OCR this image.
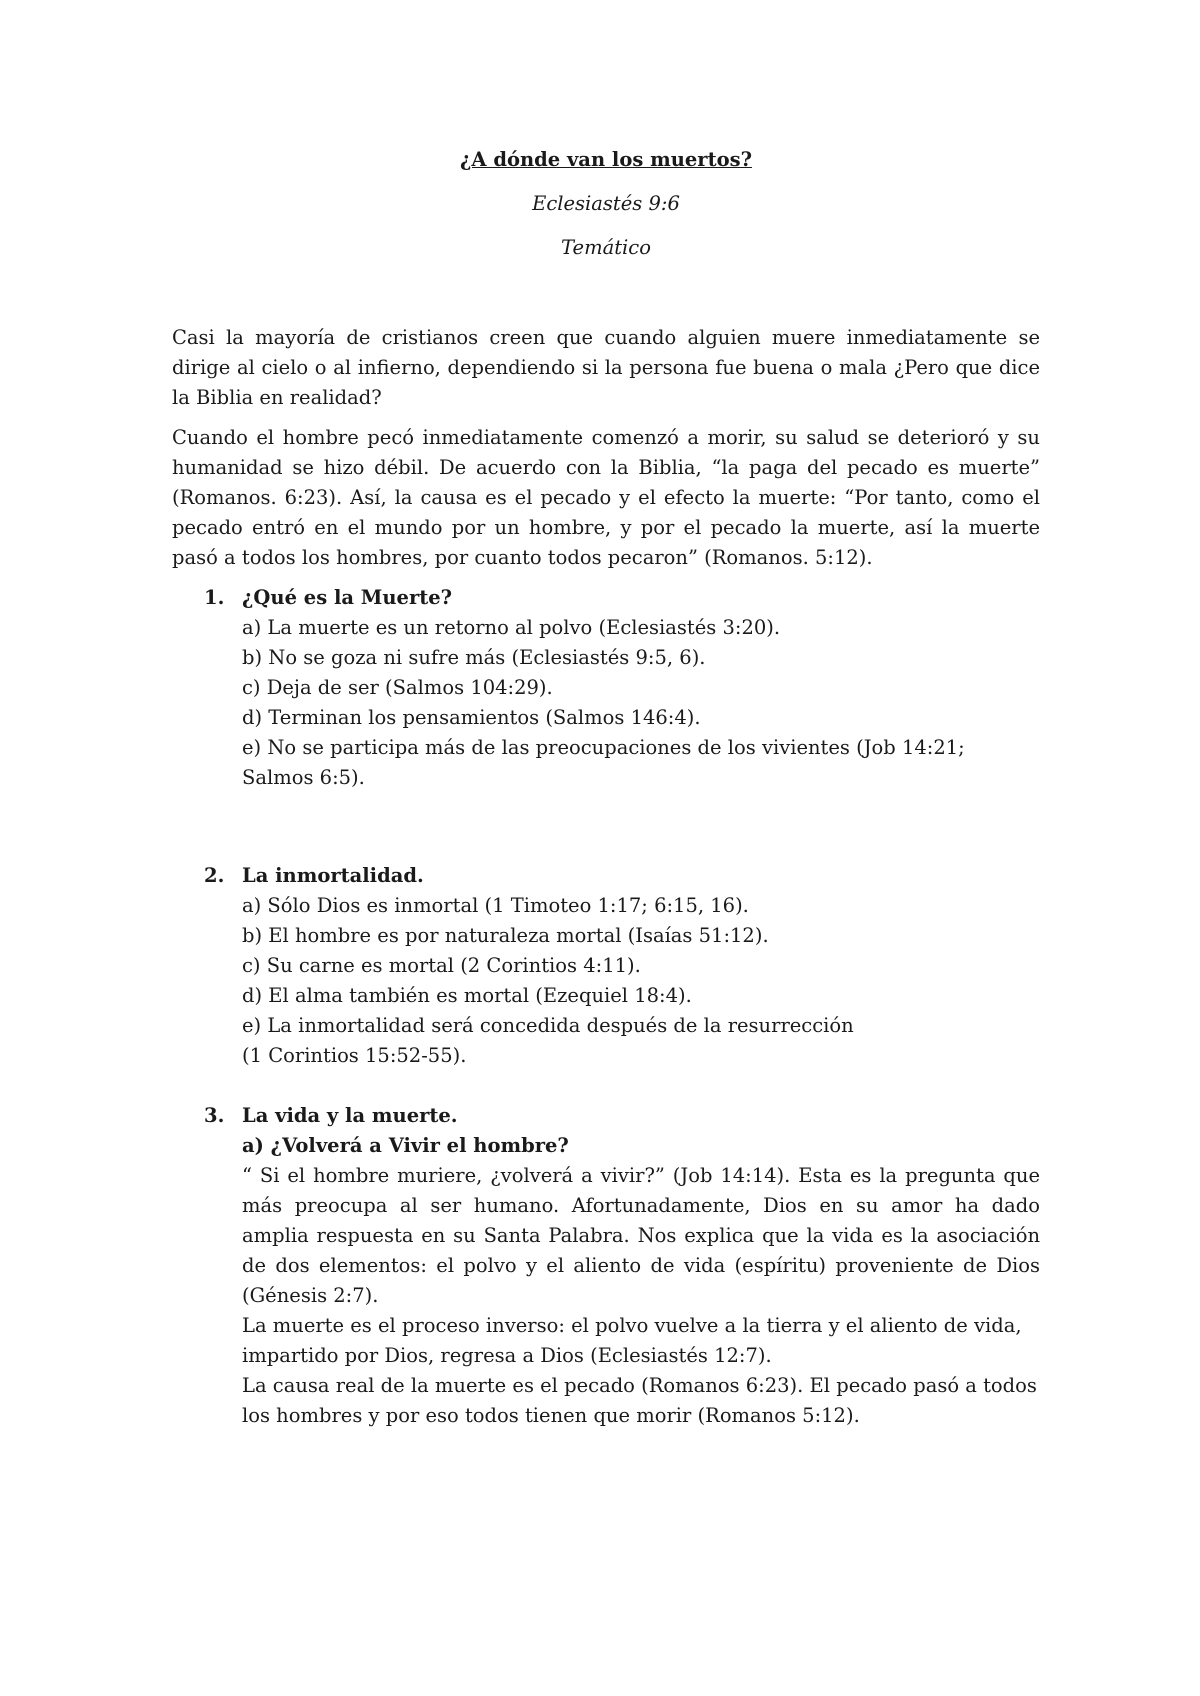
¿A dónde van los muertos?
Eclesiastés 9:6
Temático

Casi la mayoría de cristianos creen que cuando alguien muere inmediatamente se dirige al cielo o al infierno, dependiendo si la persona fue buena o mala ¿Pero que dice la Biblia en realidad?

Cuando el hombre pecó inmediatamente comenzó a morir, su salud se deterioró y su humanidad se hizo débil. De acuerdo con la Biblia, “la paga del pecado es muerte” (Romanos. 6:23). Así, la causa es el pecado y el efecto la muerte: “Por tanto, como el pecado entró en el mundo por un hombre, y por el pecado la muerte, así la muerte pasó a todos los hombres, por cuanto todos pecaron” (Romanos. 5:12).

1. ¿Qué es la Muerte?
a) La muerte es un retorno al polvo (Eclesiastés 3:20).
b) No se goza ni sufre más (Eclesiastés 9:5, 6).
c) Deja de ser (Salmos 104:29).
d) Terminan los pensamientos (Salmos 146:4).
e) No se participa más de las preocupaciones de los vivientes (Job 14:21; Salmos 6:5).
2. La inmortalidad.
a) Sólo Dios es inmortal (1 Timoteo 1:17; 6:15, 16).
b) El hombre es por naturaleza mortal (Isaías 51:12).
c) Su carne es mortal (2 Corintios 4:11).
d) El alma también es mortal (Ezequiel 18:4).
e) La inmortalidad será concedida después de la resurrección
(1 Corintios 15:52-55).
3. La vida y la muerte.
a) ¿Volverá a Vivir el hombre?
“ Si el hombre muriere, ¿volverá a vivir?” (Job 14:14). Esta es la pregunta que más preocupa al ser humano. Afortunadamente, Dios en su amor ha dado amplia respuesta en su Santa Palabra. Nos explica que la vida es la asociación de dos elementos: el polvo y el aliento de vida (espíritu) proveniente de Dios (Génesis 2:7).
La muerte es el proceso inverso: el polvo vuelve a la tierra y el aliento de vida, impartido por Dios, regresa a Dios (Eclesiastés 12:7).
La causa real de la muerte es el pecado (Romanos 6:23). El pecado pasó a todos los hombres y por eso todos tienen que morir (Romanos 5:12).
